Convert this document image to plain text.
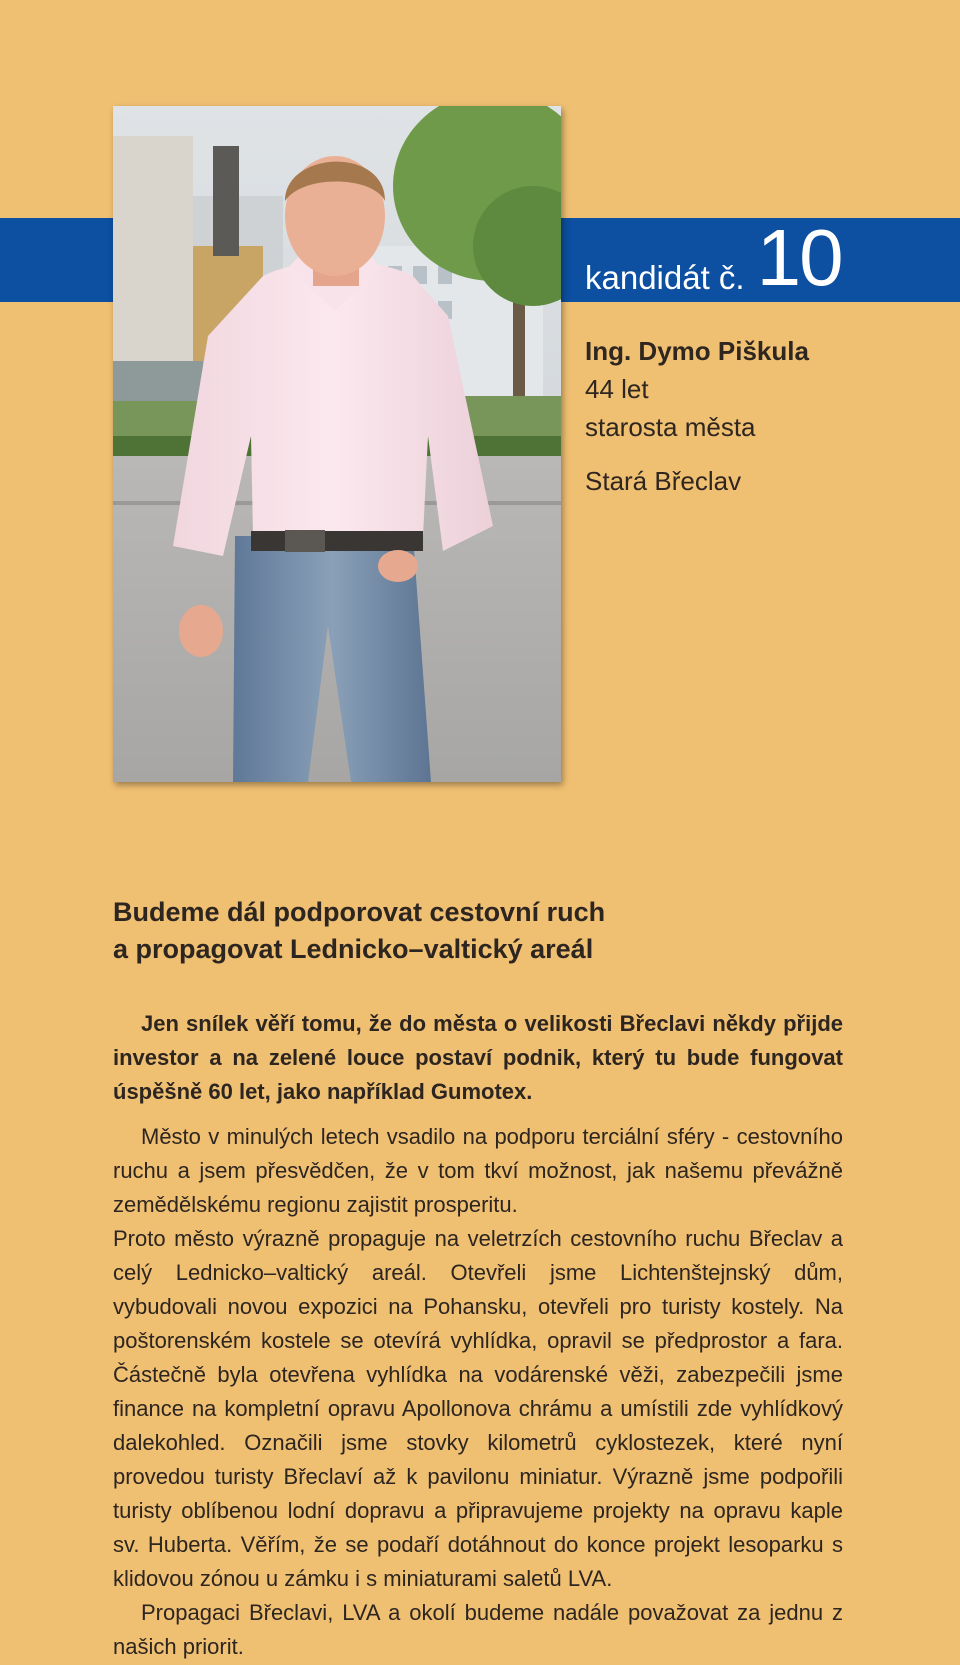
kandidát č. 10
Ing. Dymo Piškula
44 let
starosta města

Stará Břeclav
Budeme dál podporovat cestovní ruch
a propagovat Lednicko–valtický areál

Jen snílek věří tomu, že do města o velikosti Břeclavi někdy přijde investor a na zelené louce postaví podnik, který tu bude fungovat úspěšně 60 let, jako například Gumotex.

Město v minulých letech vsadilo na podporu terciální sféry - cestovního ruchu a jsem přesvědčen, že v tom tkví možnost, jak našemu převážně zemědělskému regionu zajistit prosperitu.

Proto město výrazně propaguje na veletrzích cestovního ruchu Břeclav a celý Lednicko–valtický areál. Otevřeli jsme Lichtenštejnský dům, vybudovali novou expozici na Pohansku, otevřeli pro turisty kostely. Na poštorenském kostele se otevírá vyhlídka, opravil se předprostor a fara. Částečně byla otevřena vyhlídka na vodárenské věži, zabezpečili jsme finance na kompletní opravu Apollonova chrámu a umístili zde vyhlídkový dalekohled. Označili jsme stovky kilometrů cyklostezek, které nyní provedou turisty Břeclaví až k pavilonu miniatur. Výrazně jsme podpořili turisty oblíbenou lodní dopravu a připravujeme projekty na opravu kaple sv. Huberta. Věřím, že se podaří dotáhnout do konce projekt lesoparku s klidovou zónou u zámku i s miniaturami saletů LVA.

Propagaci Břeclavi, LVA a okolí budeme nadále považovat za jednu z našich priorit.
